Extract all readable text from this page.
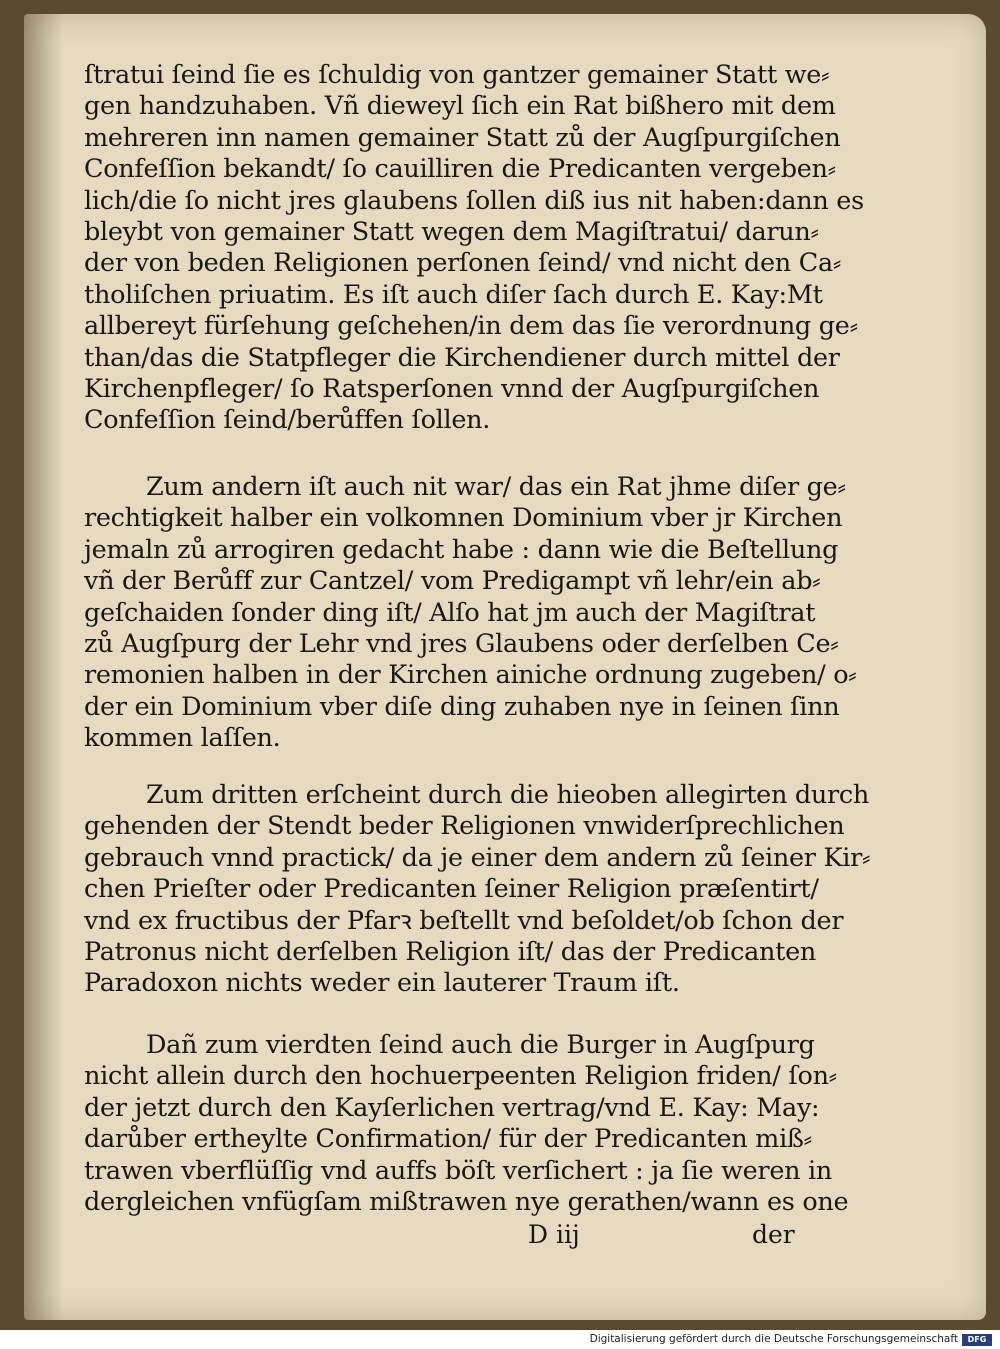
ſtratui ſeind ſie es ſchuldig von gantzer gemainer Statt we⸗
gen handzuhaben. Vñ dieweyl ſich ein Rat bißhero mit dem
mehreren inn namen gemainer Statt zů der Augſpurgiſchen
Confeſſion bekandt/ ſo cauilliren die Predicanten vergeben⸗
lich/die ſo nicht jres glaubens ſollen diß ius nit haben:dann es
bleybt von gemainer Statt wegen dem Magiſtratui/ darun⸗
der von beden Religionen perſonen ſeind/ vnd nicht den Ca⸗
tholiſchen priuatim. Es iſt auch diſer ſach durch E. Kay:Mt
allbereyt fürſehung geſchehen/in dem das ſie verordnung ge⸗
than/das die Statpfleger die Kirchendiener durch mittel der
Kirchenpfleger/ ſo Ratsperſonen vnnd der Augſpurgiſchen
Confeſſion ſeind/berůffen ſollen.
Zum andern iſt auch nit war/ das ein Rat jhme diſer ge⸗
rechtigkeit halber ein volkomnen Dominium vber jr Kirchen
jemaln zů arrogiren gedacht habe : dann wie die Beſtellung
vñ der Berůff zur Cantzel/ vom Predigampt vñ lehr/ein ab⸗
geſchaiden ſonder ding iſt/ Alſo hat jm auch der Magiſtrat
zů Augſpurg der Lehr vnd jres Glaubens oder derſelben Ce⸗
remonien halben in der Kirchen ainiche ordnung zugeben/ o⸗
der ein Dominium vber diſe ding zuhaben nye in ſeinen ſinn
kommen laſſen.
Zum dritten erſcheint durch die hieoben allegirten durch
gehenden der Stendt beder Religionen vnwiderſprechlichen
gebrauch vnnd practick/ da je einer dem andern zů ſeiner Kir⸗
chen Prieſter oder Predicanten ſeiner Religion præſentirt/
vnd ex fructibus der Pfarꝛ beſtellt vnd beſoldet/ob ſchon der
Patronus nicht derſelben Religion iſt/ das der Predicanten
Paradoxon nichts weder ein lauterer Traum iſt.
Dañ zum vierdten ſeind auch die Burger in Augſpurg
nicht allein durch den hochuerpeenten Religion friden/ ſon⸗
der jetzt durch den Kayſerlichen vertrag/vnd E. Kay: May:
darůber ertheylte Confirmation/ für der Predicanten miß⸗
trawen vberflüſſig vnd auffs böſt verſichert : ja ſie weren in
dergleichen vnfügſam mißtrawen nye gerathen/wann es one
D iij	der
Digitalisierung gefördert durch die Deutsche Forschungsgemeinschaft	DFG
